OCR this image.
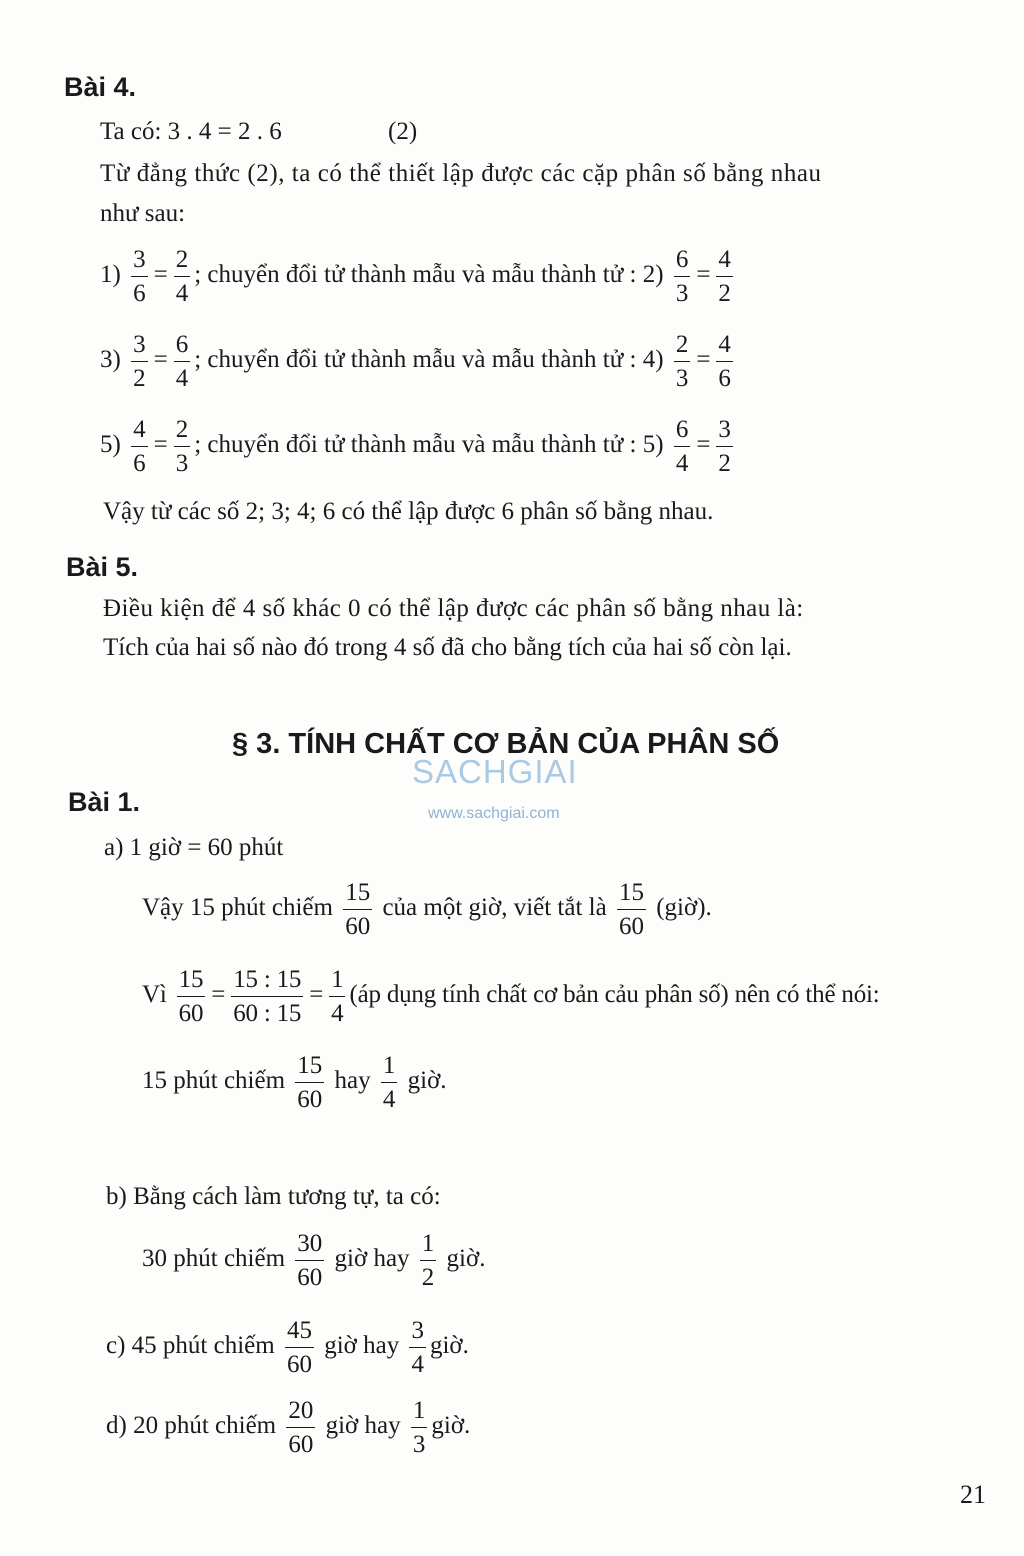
Bài 4.
Ta có: 3 . 4 = 2 . 6	(2)
Từ đẳng thức (2), ta có thể thiết lập được các cặp phân số bằng nhau
như sau:
$1) \frac{3}{6} = \frac{2}{4}$ ; chuyển đổi tử thành mẫu và mẫu thành tử : $2) \frac{6}{3} = \frac{4}{2}$
$3) \frac{3}{2} = \frac{6}{4}$ ; chuyển đổi tử thành mẫu và mẫu thành tử : $4) \frac{2}{3} = \frac{4}{6}$
$5) \frac{4}{6} = \frac{2}{3}$ ; chuyển đổi tử thành mẫu và mẫu thành tử : $5) \frac{6}{4} = \frac{3}{2}$
Vậy từ các số 2; 3; 4; 6 có thể lập được 6 phân số bằng nhau.
Bài 5.
Điều kiện để 4 số khác 0 có thể lập được các phân số bằng nhau là:
Tích của hai số nào đó trong 4 số đã cho bằng tích của hai số còn lại.
§ 3. TÍNH CHẤT CƠ BẢN CỦA PHÂN SỐ
SACHGIAI
www.sachgiai.com
Bài 1.
a) 1 giờ = 60 phút
Vậy 15 phút chiếm $\frac{15}{60}$ của một giờ, viết tắt là $\frac{15}{60}$ (giờ).
Vì $\frac{15}{60} = \frac{15 : 15}{60 : 15} = \frac{1}{4}$ (áp dụng tính chất cơ bản cảu phân số) nên có thể nói:
15 phút chiếm $\frac{15}{60}$ hay $\frac{1}{4}$ giờ.
b) Bằng cách làm tương tự, ta có:
30 phút chiếm $\frac{30}{60}$ giờ hay $\frac{1}{2}$ giờ.
c) 45 phút chiếm $\frac{45}{60}$ giờ hay $\frac{3}{4}$ giờ.
d) 20 phút chiếm $\frac{20}{60}$ giờ hay $\frac{1}{3}$ giờ.
21
